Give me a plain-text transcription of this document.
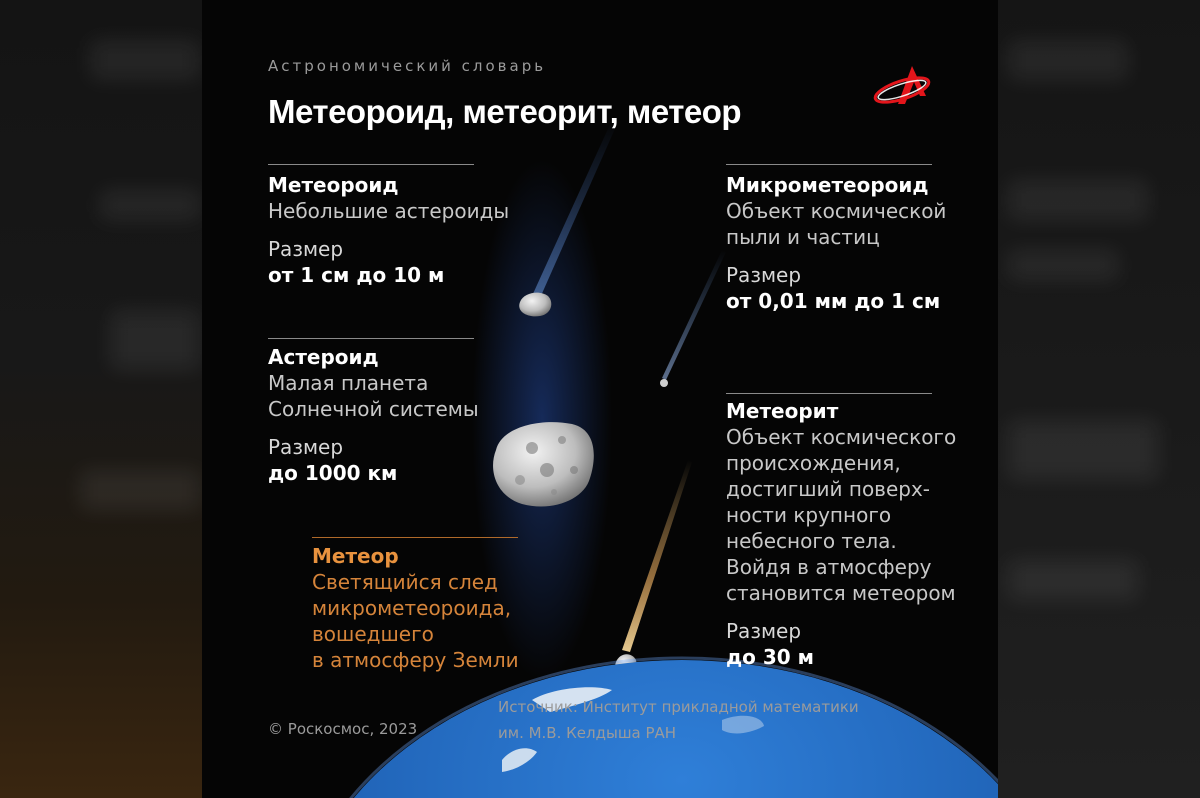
Астрономический словарь
Метеороид, метеорит, метеор
Метеороид
Небольшие астероиды
Размер
от 1 см до 10 м
Астероид
Малая планета
Солнечной системы
Размер
до 1000 км
Метеор
Светящийся след
микрометеороида,
вошедшего
в атмосферу Земли
Микрометеороид
Объект космической
пыли и частиц
Размер
от 0,01 мм до 1 см
Метеорит
Объект космического
происхождения,
достигший поверх-
ности крупного
небесного тела.
Войдя в атмосферу
становится метеором
Размер
до 30 м
© Роскосмос, 2023
Источник: Институт прикладной математики
им. М.В. Келдыша РАН
